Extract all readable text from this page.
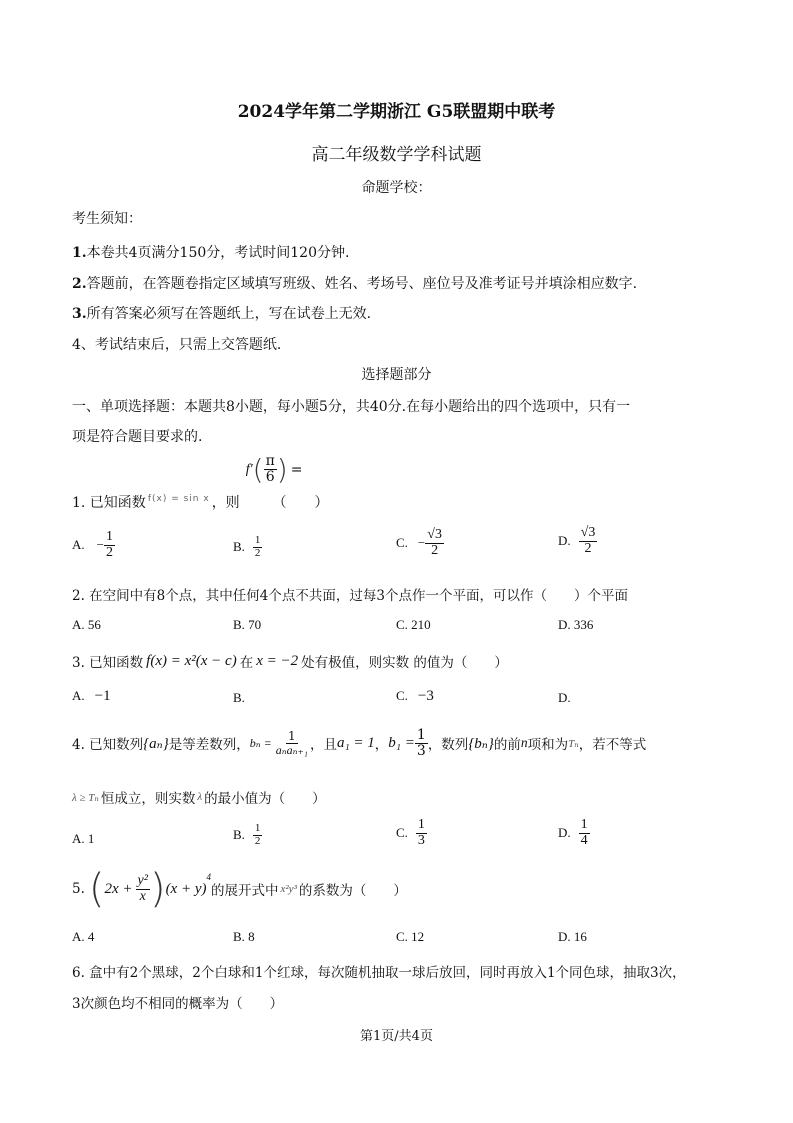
2024学年第二学期浙江 G5联盟期中联考
高二年级数学学科试题
命题学校：
考生须知：
1.本卷共4页满分150分，考试时间120分钟.
2.答题前，在答题卷指定区域填写班级、姓名、考场号、座位号及准考证号并填涂相应数字.
3.所有答案必须写在答题纸上，写在试卷上无效.
4、考试结束后，只需上交答题纸.
选择题部分
一、单项选择题：本题共8小题，每小题5分，共40分.在每小题给出的四个选项中，只有一
项是符合题目要求的.
1. 已知函数 f(x) = sin x ，则
f′ ( $\frac{\pi}{6}$ ) =
（　　）
A. − $\frac{1}{2}$	B. $\frac{1}{2}$	C. − $\frac{√3}{2}$	D. $\frac{√3}{2}$
2. 在空间中有8个点，其中任何4个点不共面，过每3个点作一个平面，可以作（　　）个平面
A. 56	B. 70	C. 210	D. 336
3. 已知函数 f(x) = x²(x − c) 在 x = −2 处有极值，则实数 的值为（　　）
A. −1	B.	C. −3	D.
4. 已知数列 {aₙ} 是等差数列， $b_n = \frac{1}{\text{aₙaₙ₊₁}}$ ，且 a₁ = 1 ， $b_1 = \frac{1}{3}$ ，数列 {bₙ} 的前 n 项和为 Tₙ ，若不等式
λ ≥ Tₙ 恒成立，则实数 λ 的最小值为（　　）
A. 1	B. $\frac{1}{2}$	C. $\frac{1}{3}$	D. $\frac{1}{4}$
5. ( $2x + \frac{\text{y²}}{x}$ ) (x + y)
$^4$
的展开式中 x²y³ 的系数为（　　）
A. 4	B. 8	C. 12	D. 16
6. 盒中有2个黑球，2个白球和1个红球，每次随机抽取一球后放回，同时再放入1个同色球，抽取3次，
3次颜色均不相同的概率为（　　）
第1页/共4页
